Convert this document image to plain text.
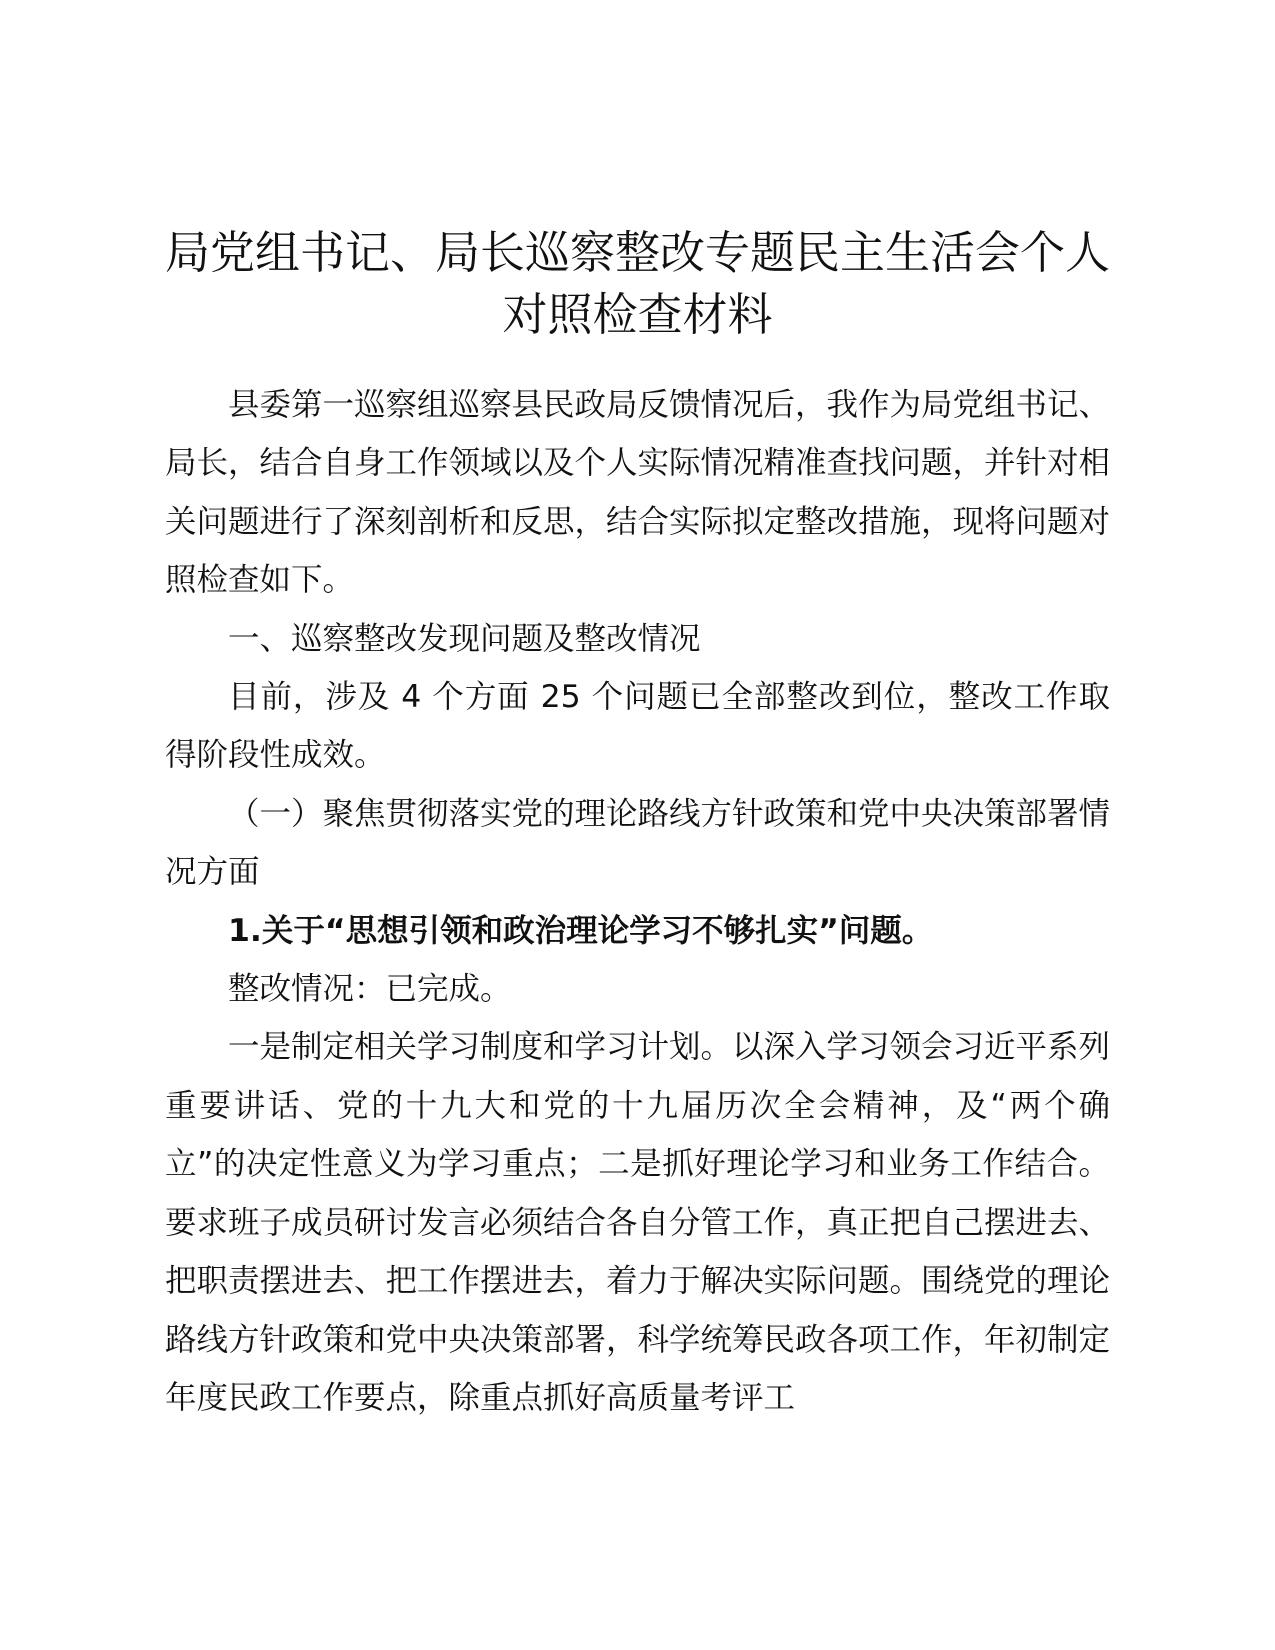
局党组书记、局长巡察整改专题民主生活会个人对照检查材料

县委第一巡察组巡察县民政局反馈情况后，我作为局党组书记、局长，结合自身工作领域以及个人实际情况精准查找问题，并针对相关问题进行了深刻剖析和反思，结合实际拟定整改措施，现将问题对照检查如下。

一、巡察整改发现问题及整改情况

目前，涉及 4 个方面 25 个问题已全部整改到位，整改工作取得阶段性成效。

（一）聚焦贯彻落实党的理论路线方针政策和党中央决策部署情况方面

1.关于“思想引领和政治理论学习不够扎实”问题。

整改情况：已完成。

一是制定相关学习制度和学习计划。以深入学习领会习近平系列重要讲话、党的十九大和党的十九届历次全会精神，及“两个确立”的决定性意义为学习重点；二是抓好理论学习和业务工作结合。要求班子成员研讨发言必须结合各自分管工作，真正把自己摆进去、把职责摆进去、把工作摆进去，着力于解决实际问题。围绕党的理论路线方针政策和党中央决策部署，科学统筹民政各项工作，年初制定年度民政工作要点，除重点抓好高质量考评工
